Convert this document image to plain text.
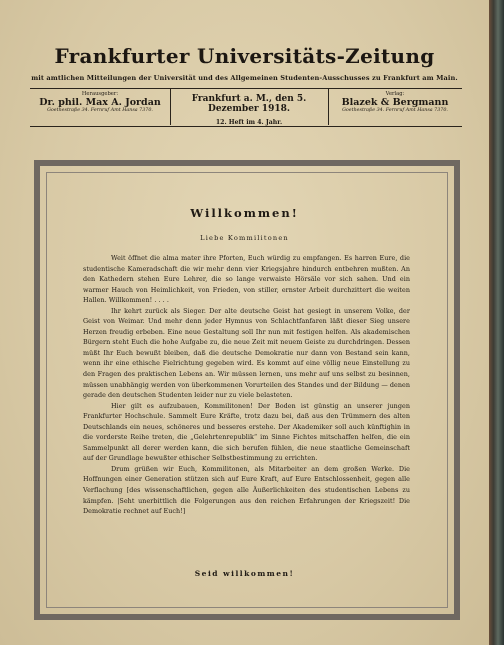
Frankfurter Universitäts-Zeitung
mit amtlichen Mitteilungen der Universität und des Allgemeinen Studenten-Ausschusses zu Frankfurt am Main.
Herausgeber:
Dr. phil. Max A. Jordan
Goethestraße 34. Fernruf Amt Hansa 7370.
Frankfurt a. M., den 5. Dezember 1918.
12. Heft im 4. Jahr.
Verlag:
Blazek & Bergmann
Goethestraße 34. Fernruf Amt Hansa 7370.
Willkommen!
Liebe Kommilitonen

Weit öffnet die alma mater ihre Pforten, Euch würdig zu empfangen. Es harren Eure, die studentische Kameradschaft die wir mehr denn vier Kriegsjahre hindurch entbehren mußten. An den Kathedern stehen Eure Lehrer, die so lange verwaiste Hörsäle vor sich sahen. Und ein warmer Hauch von Heimlichkeit, von Frieden, von stiller, ernster Arbeit durchzittert die weiten Hallen. Willkommen! . . . .

Ihr kehrt zurück als Sieger. Der alte deutsche Geist hat gesiegt in unserem Volke, der Geist von Weimar. Und mehr denn jeder Hymnus von Schlachtfanfaren läßt dieser Sieg unsere Herzen freudig erbeben. Eine neue Gestaltung soll Ihr nun mit festigen helfen. Als akademischen Bürgern steht Euch die hohe Aufgabe zu, die neue Zeit mit neuem Geiste zu durchdringen. Dessen müßt Ihr Euch bewußt bleiben, daß die deutsche Demokratie nur dann von Bestand sein kann, wenn ihr eine ethische Fielrichtung gegeben wird. Es kommt auf eine völlig neue Einstellung zu den Fragen des praktischen Lebens an. Wir müssen lernen, uns mehr auf uns selbst zu besinnen, müssen unabhängig werden von überkommenen Vorurteilen des Standes und der Bildung — denen gerade den deutschen Studenten leider nur zu viele belasteten.

Hier gilt es aufzubauen, Kommilitonen! Der Boden ist günstig an unserer jungen Frankfurter Hochschule. Sammelt Eure Kräfte, trotz dazu bei, daß aus den Trümmern des alten Deutschlands ein neues, schöneres und besseres erstehe. Der Akademiker soll auch künftighin in die vorderste Reihe treten, die „Gelehrtenrepublik“ im Sinne Fichtes mitschaffen helfen, die ein Sammelpunkt all derer werden kann, die sich berufen fühlen, die neue staatliche Gemeinschaft auf der Grundlage bewußter ethischer Selbstbestimmung zu errichten.

Drum grüßen wir Euch, Kommilitonen, als Mitarbeiter an dem großen Werke. Die Hoffnungen einer Generation stützen sich auf Eure Kraft, auf Eure Entschlossenheit, gegen alle Verflachung [des wissenschaftlichen, gegen alle Äußerlichkeiten des studentischen Lebens zu kämpfen. |Seht unerbittlich die Folgerungen aus den reichen Erfahrungen der Kriegszeit! Die Demokratie rechnet auf Euch!]

Seid willkommen!
